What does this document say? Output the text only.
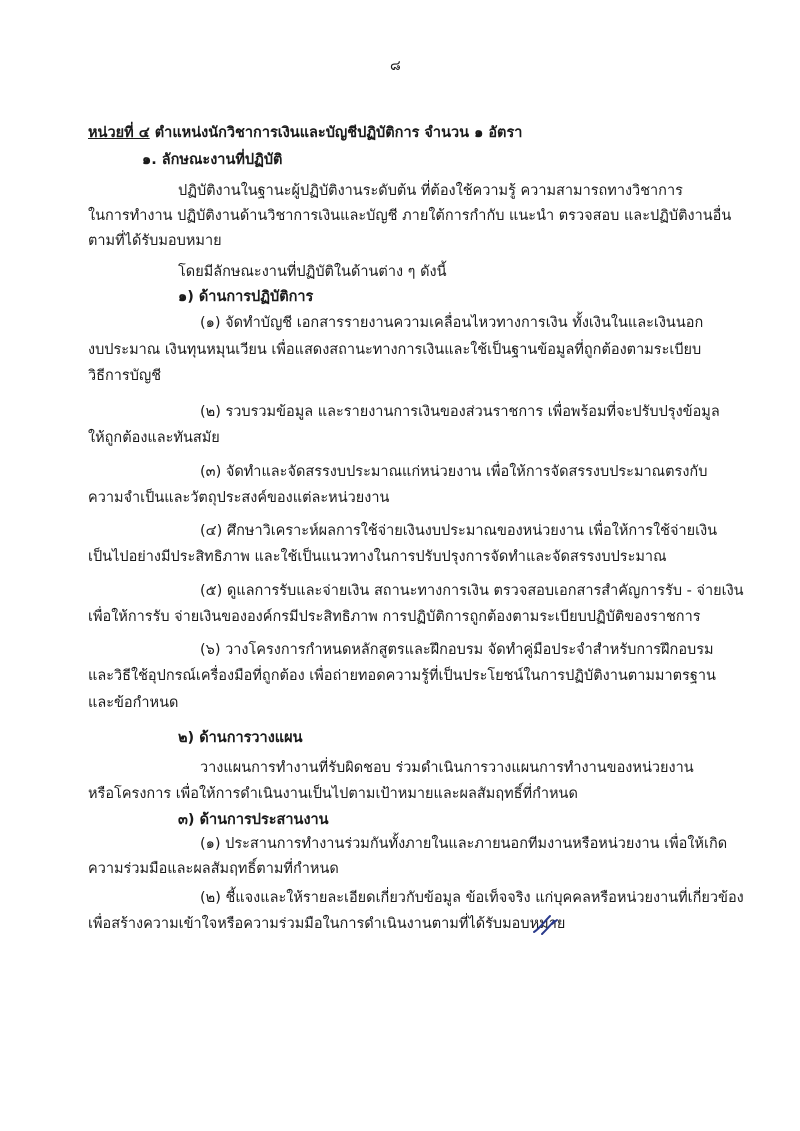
๘

หน่วยที่ ๔ ตำแหน่งนักวิชาการเงินและบัญชีปฏิบัติการ จำนวน ๑ อัตรา

๑. ลักษณะงานที่ปฏิบัติ

ปฏิบัติงานในฐานะผู้ปฏิบัติงานระดับต้น ที่ต้องใช้ความรู้ ความสามารถทางวิชาการ

ในการทำงาน ปฏิบัติงานด้านวิชาการเงินและบัญชี ภายใต้การกำกับ แนะนำ ตรวจสอบ และปฏิบัติงานอื่น

ตามที่ได้รับมอบหมาย

โดยมีลักษณะงานที่ปฏิบัติในด้านต่าง ๆ ดังนี้

๑) ด้านการปฏิบัติการ

(๑) จัดทำบัญชี เอกสารรายงานความเคลื่อนไหวทางการเงิน ทั้งเงินในและเงินนอก

งบประมาณ เงินทุนหมุนเวียน เพื่อแสดงสถานะทางการเงินและใช้เป็นฐานข้อมูลที่ถูกต้องตามระเบียบ

วิธีการบัญชี

(๒) รวบรวมข้อมูล และรายงานการเงินของส่วนราชการ เพื่อพร้อมที่จะปรับปรุงข้อมูล

ให้ถูกต้องและทันสมัย

(๓) จัดทำและจัดสรรงบประมาณแก่หน่วยงาน เพื่อให้การจัดสรรงบประมาณตรงกับ

ความจำเป็นและวัตถุประสงค์ของแต่ละหน่วยงาน

(๔) ศึกษาวิเคราะห์ผลการใช้จ่ายเงินงบประมาณของหน่วยงาน เพื่อให้การใช้จ่ายเงิน

เป็นไปอย่างมีประสิทธิภาพ และใช้เป็นแนวทางในการปรับปรุงการจัดทำและจัดสรรงบประมาณ

(๕) ดูแลการรับและจ่ายเงิน สถานะทางการเงิน ตรวจสอบเอกสารสำคัญการรับ - จ่ายเงิน

เพื่อให้การรับ จ่ายเงินขององค์กรมีประสิทธิภาพ การปฏิบัติการถูกต้องตามระเบียบปฏิบัติของราชการ

(๖) วางโครงการกำหนดหลักสูตรและฝึกอบรม จัดทำคู่มือประจำสำหรับการฝึกอบรม

และวิธีใช้อุปกรณ์เครื่องมือที่ถูกต้อง เพื่อถ่ายทอดความรู้ที่เป็นประโยชน์ในการปฏิบัติงานตามมาตรฐาน

และข้อกำหนด

๒) ด้านการวางแผน

วางแผนการทำงานที่รับผิดชอบ ร่วมดำเนินการวางแผนการทำงานของหน่วยงาน

หรือโครงการ เพื่อให้การดำเนินงานเป็นไปตามเป้าหมายและผลสัมฤทธิ์ที่กำหนด

๓) ด้านการประสานงาน

(๑) ประสานการทำงานร่วมกันทั้งภายในและภายนอกทีมงานหรือหน่วยงาน เพื่อให้เกิด

ความร่วมมือและผลสัมฤทธิ์ตามที่กำหนด

(๒) ชี้แจงและให้รายละเอียดเกี่ยวกับข้อมูล ข้อเท็จจริง แก่บุคคลหรือหน่วยงานที่เกี่ยวข้อง

เพื่อสร้างความเข้าใจหรือความร่วมมือในการดำเนินงานตามที่ได้รับมอบหมาย
